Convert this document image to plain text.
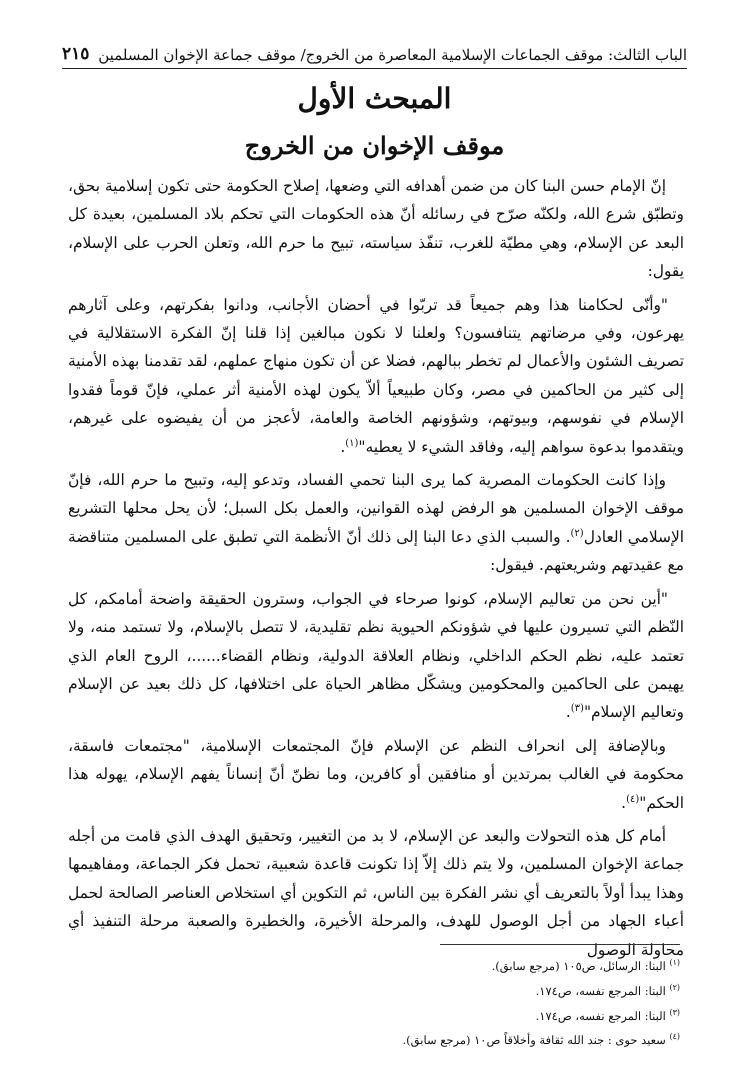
الباب الثالث: موقف الجماعات الإسلامية المعاصرة من الخروج/ موقف جماعة الإخوان المسلمين
٢١٥
المبحث الأول
موقف الإخوان من الخروج

إنّ الإمام حسن البنا كان من ضمن أهدافه التي وضعها، إصلاح الحكومة حتى تكون إسلامية بحق، وتطبّق شرع الله، ولكنّه صرّح في رسائله أنّ هذه الحكومات التي تحكم بلاد المسلمين، بعيدة كل البعد عن الإسلام، وهي مطيّة للغرب، تنفّذ سياسته، تبيح ما حرم الله، وتعلن الحرب على الإسلام، يقول:

"وأنّى لحكامنا هذا وهم جميعاً قد تربّوا في أحضان الأجانب، ودانوا بفكرتهم، وعلى آثارهم يهرعون، وفي مرضاتهم يتنافسون؟ ولعلنا لا نكون مبالغين إذا قلنا إنّ الفكرة الاستقلالية في تصريف الشئون والأعمال لم تخطر ببالهم، فضلا عن أن تكون منهاج عملهم، لقد تقدمنا بهذه الأمنية إلى كثير من الحاكمين في مصر، وكان طبيعياً ألاّ يكون لهذه الأمنية أثر عملي، فإنّ قوماً فقدوا الإسلام في نفوسهم، وبيوتهم، وشؤونهم الخاصة والعامة، لأعجز من أن يفيضوه على غيرهم، ويتقدموا بدعوة سواهم إليه، وفاقد الشيء لا يعطيه"$^{(١)}$.

وإذا كانت الحكومات المصرية كما يرى البنا تحمي الفساد، وتدعو إليه، وتبيح ما حرم الله، فإنّ موقف الإخوان المسلمين هو الرفض لهذه القوانين، والعمل بكل السبل؛ لأن يحل محلها التشريع الإسلامي العادل$^{(٢)}$. والسبب الذي دعا البنا إلى ذلك أنّ الأنظمة التي تطبق على المسلمين متناقضة مع عقيدتهم وشريعتهم. فيقول:

"أين نحن من تعاليم الإسلام، كونوا صرحاء في الجواب، وسترون الحقيقة واضحة أمامكم، كل النّظم التي تسيرون عليها في شؤونكم الحيوية نظم تقليدية، لا تتصل بالإسلام، ولا تستمد منه، ولا تعتمد عليه، نظم الحكم الداخلي، ونظام العلاقة الدولية، ونظام القضاء......، الروح العام الذي يهيمن على الحاكمين والمحكومين ويشكّل مظاهر الحياة على اختلافها، كل ذلك بعيد عن الإسلام وتعاليم الإسلام"$^{(٣)}$.

وبالإضافة إلى انحراف النظم عن الإسلام فإنّ المجتمعات الإسلامية، "مجتمعات فاسقة، محكومة في الغالب بمرتدين أو منافقين أو كافرين، وما نظنّ أنّ إنساناً يفهم الإسلام، يهوله هذا الحكم"$^{(٤)}$.

أمام كل هذه التحولات والبعد عن الإسلام، لا بد من التغيير، وتحقيق الهدف الذي قامت من أجله جماعة الإخوان المسلمين، ولا يتم ذلك إلاّ إذا تكونت قاعدة شعبية، تحمل فكر الجماعة، ومفاهيمها وهذا يبدأ أولاً بالتعريف أي نشر الفكرة بين الناس، ثم التكوين أي استخلاص العناصر الصالحة لحمل أعباء الجهاد من أجل الوصول للهدف، والمرحلة الأخيرة، والخطيرة والصعبة مرحلة التنفيذ أي محاولة الوصول

$^{(١)}$ البنا: الرسائل، ص١٠٥ (مرجع سابق).
$^{(٢)}$ البنا: المرجع نفسه، ص١٧٤.
$^{(٣)}$ البنا: المرجع نفسه، ص١٧٤.
$^{(٤)}$ سعيد حوى : جند الله ثقافة وأخلاقاً ص١٠ (مرجع سابق).
